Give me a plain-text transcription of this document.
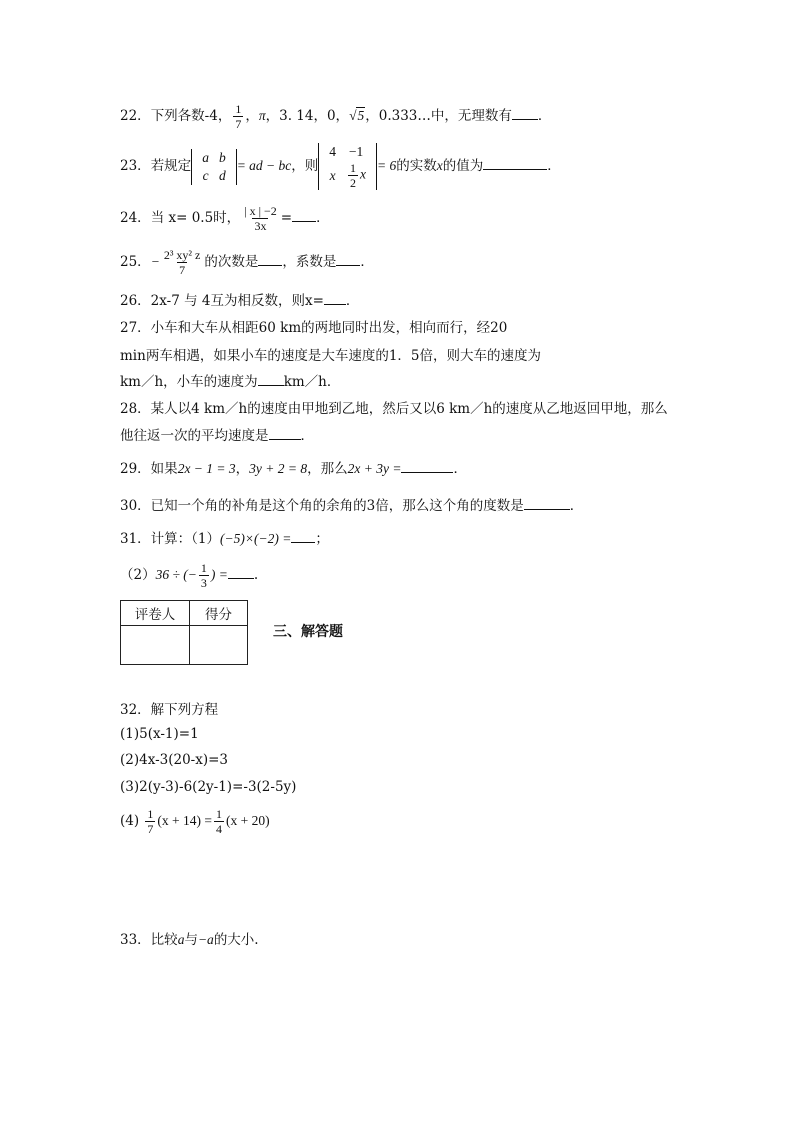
22．下列各数-4， $\frac{1}{7}$ ，π，3. 14，0，√5，0.333…中，无理数有 ．
23．若规定
a	b
c	d
= ad − bc，则
4	−1
x	$\frac{1}{2}$ x
= 6的实数x的值为	．
24．当 x= 0.5时， $\frac{| x | -2}{3x}$ = ．
25．− $\frac{\text{2³ xy² z}}{7}$ 的次数是 ，系数是 ．
26．2x-7 与 4互为相反数，则x= ．
27．小车和大车从相距60 km的两地同时出发，相向而行，经20
min两车相遇，如果小车的速度是大车速度的1．5倍，则大车的速度为
km／h，小车的速度为 km／h．
28．某人以4 km／h的速度由甲地到乙地，然后又以6 km／h的速度从乙地返回甲地，那么
他往返一次的平均速度是 ．
29．如果2x − 1 = 3，3y + 2 = 8，那么2x + 3y =	．
30．已知一个角的补角是这个角的余角的3倍，那么这个角的度数是	．
31．计算：（1）(−5)×(−2) = ；
（2）36 ÷ (− $\frac{1}{3}$ ) = .
评卷人	得分

三、解答题
32．解下列方程
(1)5(x-1)=1
(2)4x-3(20-x)=3
(3)2(y-3)-6(2y-1)=-3(2-5y)
$(4) \frac{1}{7} (x + 14) = \frac{1}{4} (x + 20)$
33．比较a与−a的大小.
